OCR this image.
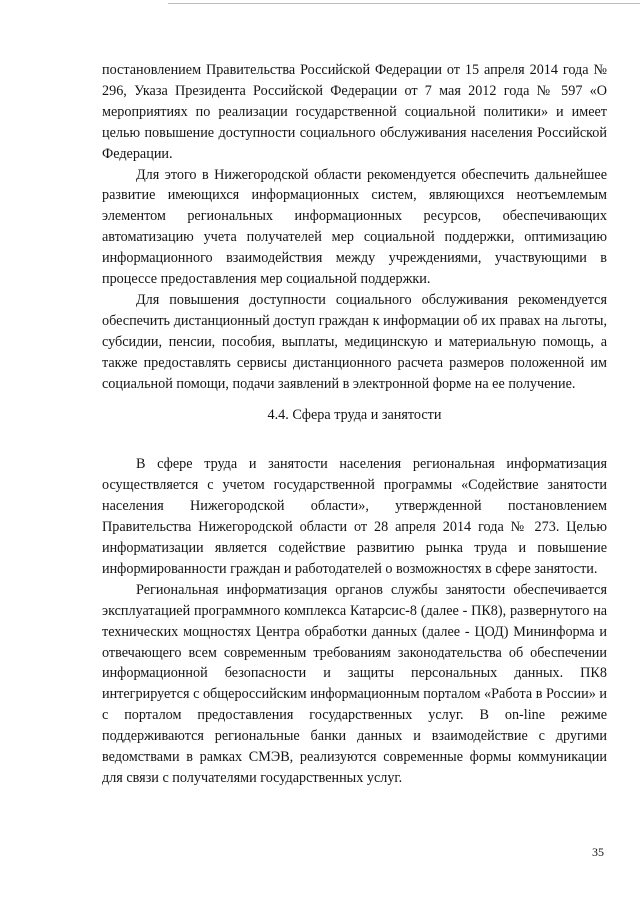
постановлением Правительства Российской Федерации от 15 апреля 2014 года № 296, Указа Президента Российской Федерации от 7 мая 2012 года № 597 «О мероприятиях по реализации государственной социальной политики» и имеет целью повышение доступности социального обслуживания населения Российской Федерации.

Для этого в Нижегородской области рекомендуется обеспечить дальнейшее развитие имеющихся информационных систем, являющихся неотъемлемым элементом региональных информационных ресурсов, обеспечивающих автоматизацию учета получателей мер социальной поддержки, оптимизацию информационного взаимодействия между учреждениями, участвующими в процессе предоставления мер социальной поддержки.

Для повышения доступности социального обслуживания рекомендуется обеспечить дистанционный доступ граждан к информации об их правах на льготы, субсидии, пенсии, пособия, выплаты, медицинскую и материальную помощь, а также предоставлять сервисы дистанционного расчета размеров положенной им социальной помощи, подачи заявлений в электронной форме на ее получение.

4.4. Сфера труда и занятости

В сфере труда и занятости населения региональная информатизация осуществляется с учетом государственной программы «Содействие занятости населения Нижегородской области», утвержденной постановлением Правительства Нижегородской области от 28 апреля 2014 года № 273. Целью информатизации является содействие развитию рынка труда и повышение информированности граждан и работодателей о возможностях в сфере занятости.

Региональная информатизация органов службы занятости обеспечивается эксплуатацией программного комплекса Катарсис-8 (далее - ПК8), развернутого на технических мощностях Центра обработки данных (далее - ЦОД) Мининформа и отвечающего всем современным требованиям законодательства об обеспечении информационной безопасности и защиты персональных данных. ПК8 интегрируется с общероссийским информационным порталом «Работа в России» и с порталом предоставления государственных услуг. В on-line режиме поддерживаются региональные банки данных и взаимодействие с другими ведомствами в рамках СМЭВ, реализуются современные формы коммуникации для связи с получателями государственных услуг.

35
